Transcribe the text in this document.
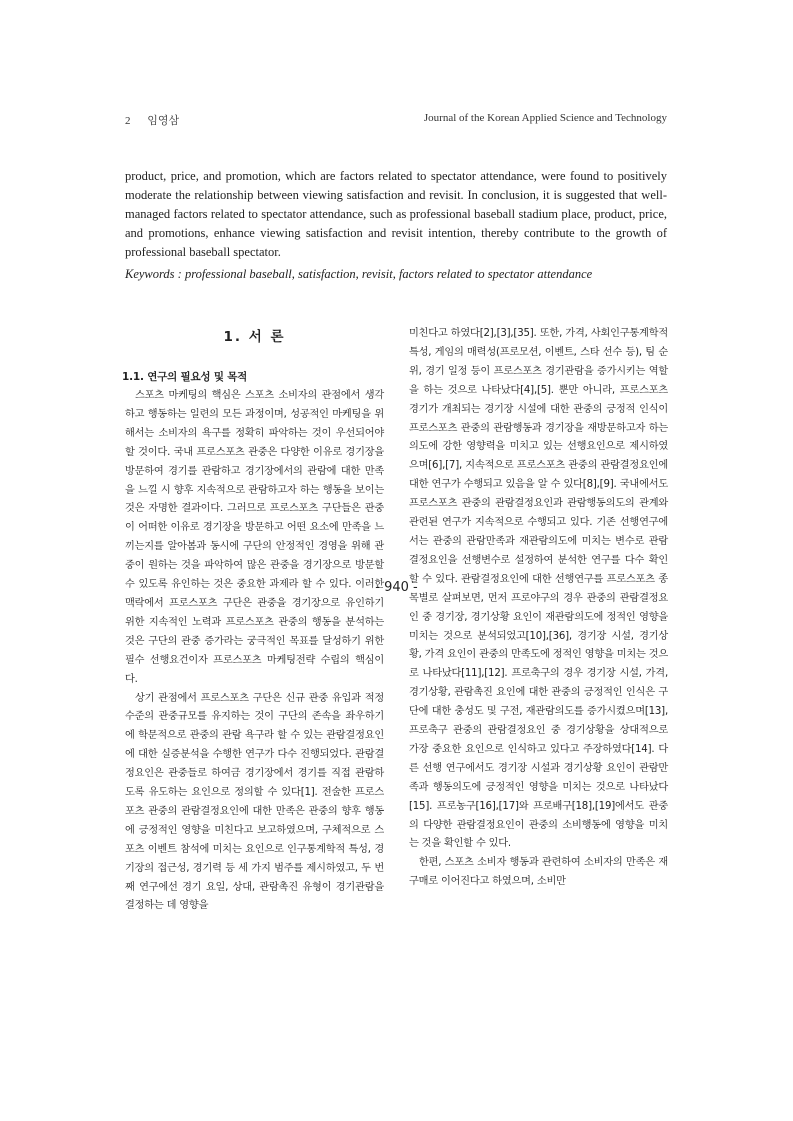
2 임영삼	Journal of the Korean Applied Science and Technology
product, price, and promotion, which are factors related to spectator attendance, were found to positively moderate the relationship between viewing satisfaction and revisit. In conclusion, it is suggested that well-managed factors related to spectator attendance, such as professional baseball stadium place, product, price, and promotions, enhance viewing satisfaction and revisit intention, thereby contribute to the growth of professional baseball spectator.
Keywords : professional baseball, satisfaction, revisit, factors related to spectator attendance
1. 서 론
1.1. 연구의 필요성 및 목적

스포츠 마케팅의 핵심은 스포츠 소비자의 관점에서 생각하고 행동하는 일련의 모든 과정이며, 성공적인 마케팅을 위해서는 소비자의 욕구를 정확히 파악하는 것이 우선되어야 할 것이다. 국내 프로스포츠 관중은 다양한 이유로 경기장을 방문하여 경기를 관람하고 경기장에서의 관람에 대한 만족을 느낄 시 향후 지속적으로 관람하고자 하는 행동을 보이는 것은 자명한 결과이다. 그러므로 프로스포츠 구단들은 관중이 어떠한 이유로 경기장을 방문하고 어떤 요소에 만족을 느끼는지를 알아봄과 동시에 구단의 안정적인 경영을 위해 관중이 원하는 것을 파악하여 많은 관중을 경기장으로 방문할 수 있도록 유인하는 것은 중요한 과제라 할 수 있다. 이러한 맥락에서 프로스포츠 구단은 관중을 경기장으로 유인하기 위한 지속적인 노력과 프로스포츠 관중의 행동을 분석하는 것은 구단의 관중 증가라는 궁극적인 목표를 달성하기 위한 필수 선행요건이자 프로스포츠 마케팅전략 수립의 핵심이다.

상기 관점에서 프로스포츠 구단은 신규 관중 유입과 적정 수준의 관중규모를 유지하는 것이 구단의 존속을 좌우하기에 학문적으로 관중의 관람 욕구라 할 수 있는 관람결정요인에 대한 실증분석을 수행한 연구가 다수 진행되었다. 관람결정요인은 관중들로 하여금 경기장에서 경기를 직접 관람하도록 유도하는 요인으로 정의할 수 있다[1]. 전술한 프로스포츠 관중의 관람결정요인에 대한 만족은 관중의 향후 행동에 긍정적인 영향을 미친다고 보고하였으며, 구체적으로 스포츠 이벤트 참석에 미치는 요인으로 인구통계학적 특성, 경기장의 접근성, 경기력 등 세 가지 범주를 제시하였고, 두 번째 연구에선 경기 요일, 상대, 관람촉진 유형이 경기관람을 결정하는 데 영향을

미친다고 하였다[2],[3],[35]. 또한, 가격, 사회인구통계학적 특성, 게임의 매력성(프로모션, 이벤트, 스타 선수 등), 팀 순위, 경기 일정 등이 프로스포츠 경기관람을 증가시키는 역할을 하는 것으로 나타났다[4],[5]. 뿐만 아니라, 프로스포츠 경기가 개최되는 경기장 시설에 대한 관중의 긍정적 인식이 프로스포츠 관중의 관람행동과 경기장을 재방문하고자 하는 의도에 강한 영향력을 미치고 있는 선행요인으로 제시하였으며[6],[7], 지속적으로 프로스포츠 관중의 관람결정요인에 대한 연구가 수행되고 있음을 알 수 있다[8],[9]. 국내에서도 프로스포츠 관중의 관람결정요인과 관람행동의도의 관계와 관련된 연구가 지속적으로 수행되고 있다. 기존 선행연구에서는 관중의 관람만족과 재관람의도에 미치는 변수로 관람결정요인을 선행변수로 설정하여 분석한 연구를 다수 확인할 수 있다. 관람결정요인에 대한 선행연구를 프로스포츠 종목별로 살펴보면, 먼저 프로야구의 경우 관중의 관람결정요인 중 경기장, 경기상황 요인이 재관람의도에 정적인 영향을 미치는 것으로 분석되었고[10],[36], 경기장 시설, 경기상황, 가격 요인이 관중의 만족도에 정적인 영향을 미치는 것으로 나타났다[11],[12]. 프로축구의 경우 경기장 시설, 가격, 경기상황, 관람촉진 요인에 대한 관중의 긍정적인 인식은 구단에 대한 충성도 및 구전, 재관람의도를 증가시켰으며[13], 프로축구 관중의 관람결정요인 중 경기상황을 상대적으로 가장 중요한 요인으로 인식하고 있다고 주장하였다[14]. 다른 선행 연구에서도 경기장 시설과 경기상황 요인이 관람만족과 행동의도에 긍정적인 영향을 미치는 것으로 나타났다[15]. 프로농구[16],[17]와 프로배구[18],[19]에서도 관중의 다양한 관람결정요인이 관중의 소비행동에 영향을 미치는 것을 확인할 수 있다.

한편, 스포츠 소비자 행동과 관련하여 소비자의 만족은 재구매로 이어진다고 하였으며, 소비만

- 940 -
